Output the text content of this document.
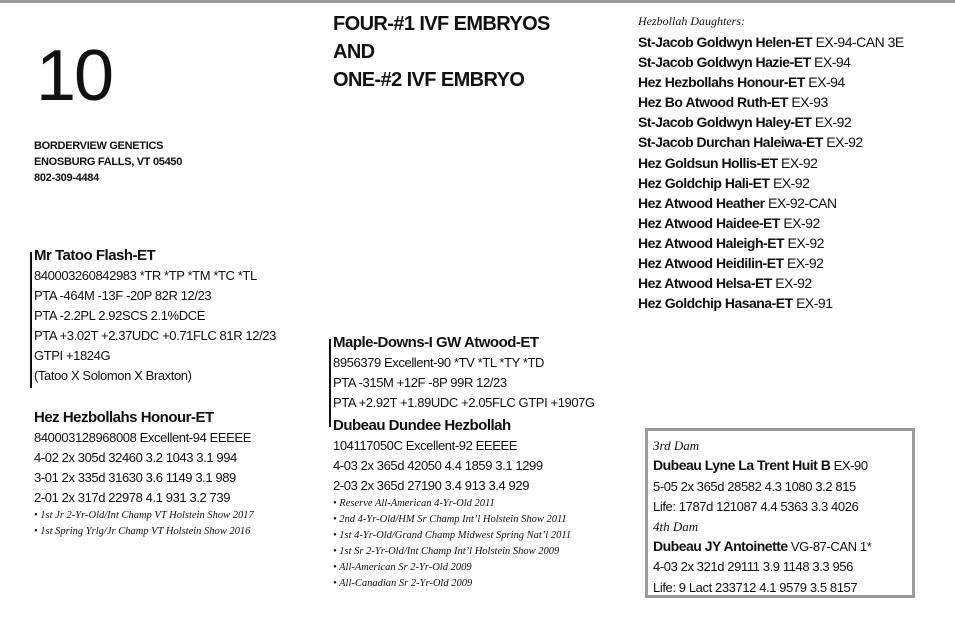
10
BORDERVIEW GENETICS
ENOSBURG FALLS, VT 05450
802-309-4484
FOUR-#1 IVF EMBRYOS
AND
ONE-#2 IVF EMBRYO
Mr Tatoo Flash-ET
840003260842983 *TR *TP *TM *TC *TL
PTA -464M -13F -20P 82R 12/23
PTA -2.2PL 2.92SCS 2.1%DCE
PTA +3.02T +2.37UDC +0.71FLC 81R 12/23
GTPI +1824G
(Tatoo X Solomon X Braxton)
Hez Hezbollahs Honour-ET
840003128968008 Excellent-94 EEEEE
4-02 2x 305d 32460 3.2 1043 3.1 994
3-01 2x 335d 31630 3.6 1149 3.1 989
2-01 2x 317d 22978 4.1 931 3.2 739
• 1st Jr 2-Yr-Old/Int Champ VT Holstein Show 2017
• 1st Spring Yrlg/Jr Champ VT Holstein Show 2016
Maple-Downs-I GW Atwood-ET
8956379 Excellent-90 *TV *TL *TY *TD
PTA -315M +12F -8P 99R 12/23
PTA +2.92T +1.89UDC +2.05FLC GTPI +1907G
Dubeau Dundee Hezbollah
104117050C Excellent-92 EEEEE
4-03 2x 365d 42050 4.4 1859 3.1 1299
2-03 2x 365d 27190 3.4 913 3.4 929
• Reserve All-American 4-Yr-Old 2011
• 2nd 4-Yr-Old/HM Sr Champ Int’l Holstein Show 2011
• 1st 4-Yr-Old/Grand Champ Midwest Spring Nat’l 2011
• 1st Sr 2-Yr-Old/Int Champ Int’l Holstein Show 2009
• All-American Sr 2-Yr-Old 2009
• All-Canadian Sr 2-Yr-Old 2009
Hezbollah Daughters:
St-Jacob Goldwyn Helen-ET EX-94-CAN 3E
St-Jacob Goldwyn Hazie-ET EX-94
Hez Hezbollahs Honour-ET EX-94
Hez Bo Atwood Ruth-ET EX-93
St-Jacob Goldwyn Haley-ET EX-92
St-Jacob Durchan Haleiwa-ET EX-92
Hez Goldsun Hollis-ET EX-92
Hez Goldchip Hali-ET EX-92
Hez Atwood Heather EX-92-CAN
Hez Atwood Haidee-ET EX-92
Hez Atwood Haleigh-ET EX-92
Hez Atwood Heidilin-ET EX-92
Hez Atwood Helsa-ET EX-92
Hez Goldchip Hasana-ET EX-91
3rd Dam
Dubeau Lyne La Trent Huit B EX-90
5-05 2x 365d 28582 4.3 1080 3.2 815
Life: 1787d 121087 4.4 5363 3.3 4026
4th Dam
Dubeau JY Antoinette VG-87-CAN 1*
4-03 2x 321d 29111 3.9 1148 3.3 956
Life: 9 Lact 233712 4.1 9579 3.5 8157
